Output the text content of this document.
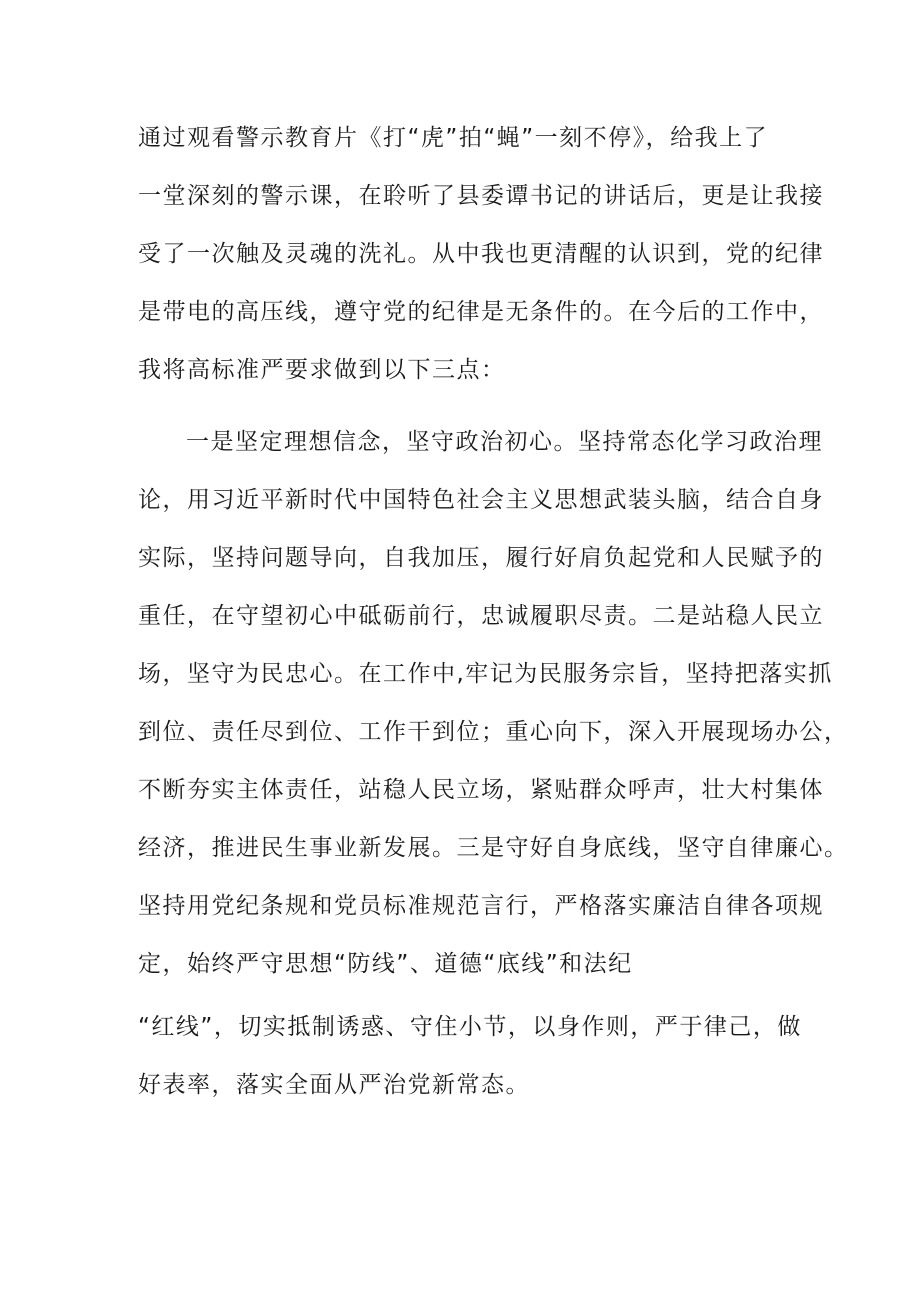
通过观看警示教育片《打“虎”拍“蝇”一刻不停》，给我上了
一堂深刻的警示课，在聆听了县委谭书记的讲话后，更是让我接
受了一次触及灵魂的洗礼。从中我也更清醒的认识到，党的纪律
是带电的高压线，遵守党的纪律是无条件的。在今后的工作中，
我将高标准严要求做到以下三点：
一是坚定理想信念，坚守政治初心。坚持常态化学习政治理
论，用习近平新时代中国特色社会主义思想武装头脑，结合自身
实际，坚持问题导向，自我加压，履行好肩负起党和人民赋予的
重任，在守望初心中砥砺前行，忠诚履职尽责。二是站稳人民立
场，坚守为民忠心。在工作中,牢记为民服务宗旨，坚持把落实抓
到位、责任尽到位、工作干到位；重心向下，深入开展现场办公，
不断夯实主体责任，站稳人民立场，紧贴群众呼声，壮大村集体
经济，推进民生事业新发展。三是守好自身底线，坚守自律廉心。
坚持用党纪条规和党员标准规范言行，严格落实廉洁自律各项规
定，始终严守思想“防线”、道德“底线”和法纪
“红线”，切实抵制诱惑、守住小节，以身作则，严于律己，做
好表率，落实全面从严治党新常态。
